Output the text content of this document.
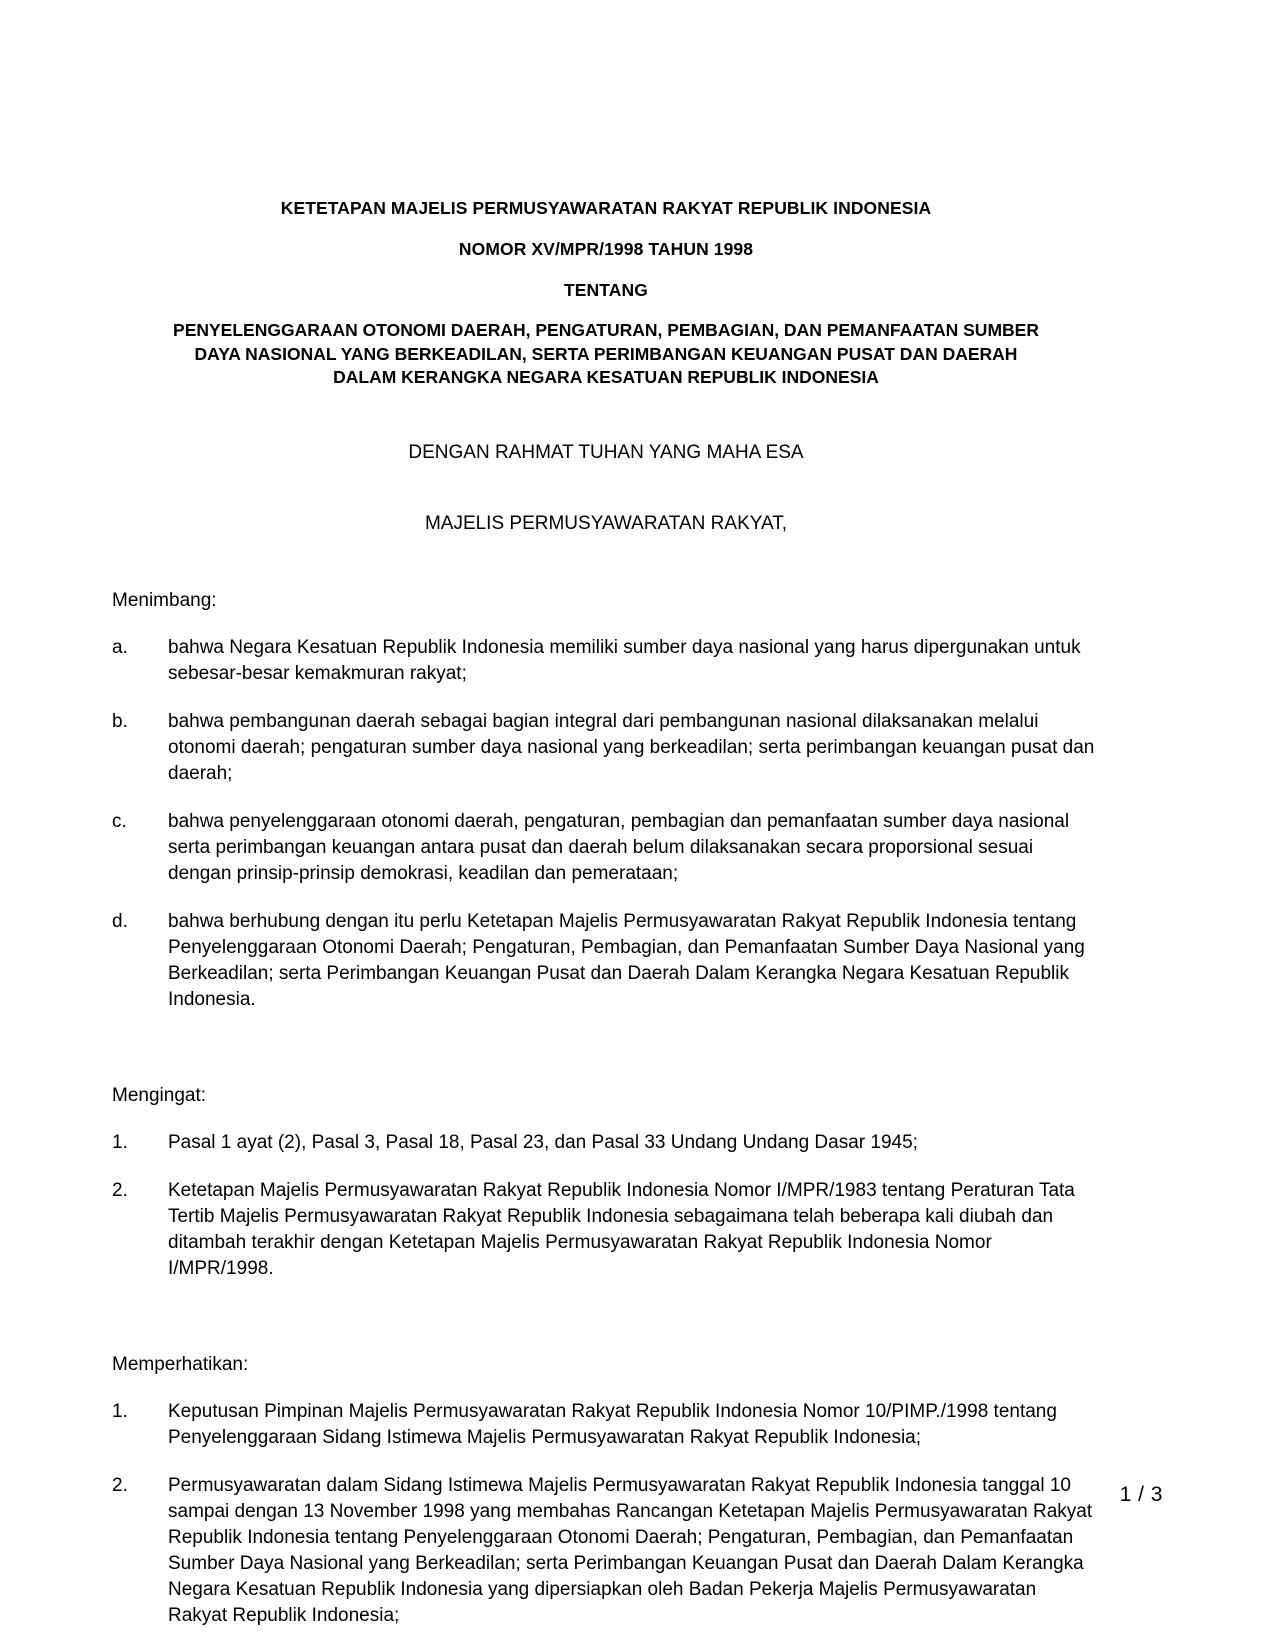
KETETAPAN MAJELIS PERMUSYAWARATAN RAKYAT REPUBLIK INDONESIA

NOMOR XV/MPR/1998 TAHUN 1998

TENTANG

PENYELENGGARAAN OTONOMI DAERAH, PENGATURAN, PEMBAGIAN, DAN PEMANFAATAN SUMBER

DAYA NASIONAL YANG BERKEADILAN, SERTA PERIMBANGAN KEUANGAN PUSAT DAN DAERAH

DALAM KERANGKA NEGARA KESATUAN REPUBLIK INDONESIA

DENGAN RAHMAT TUHAN YANG MAHA ESA

MAJELIS PERMUSYAWARATAN RAKYAT,

Menimbang:

a.	bahwa Negara Kesatuan Republik Indonesia memiliki sumber daya nasional yang harus dipergunakan untuk sebesar-besar kemakmuran rakyat;
b.	bahwa pembangunan daerah sebagai bagian integral dari pembangunan nasional dilaksanakan melalui otonomi daerah; pengaturan sumber daya nasional yang berkeadilan; serta perimbangan keuangan pusat dan daerah;
c.	bahwa penyelenggaraan otonomi daerah, pengaturan, pembagian dan pemanfaatan sumber daya nasional serta perimbangan keuangan antara pusat dan daerah belum dilaksanakan secara proporsional sesuai dengan prinsip-prinsip demokrasi, keadilan dan pemerataan;
d.	bahwa berhubung dengan itu perlu Ketetapan Majelis Permusyawaratan Rakyat Republik Indonesia tentang Penyelenggaraan Otonomi Daerah; Pengaturan, Pembagian, dan Pemanfaatan Sumber Daya Nasional yang Berkeadilan; serta Perimbangan Keuangan Pusat dan Daerah Dalam Kerangka Negara Kesatuan Republik Indonesia.

Mengingat:

1.	Pasal 1 ayat (2), Pasal 3, Pasal 18, Pasal 23, dan Pasal 33 Undang Undang Dasar 1945;
2.	Ketetapan Majelis Permusyawaratan Rakyat Republik Indonesia Nomor I/MPR/1983 tentang Peraturan Tata Tertib Majelis Permusyawaratan Rakyat Republik Indonesia sebagaimana telah beberapa kali diubah dan ditambah terakhir dengan Ketetapan Majelis Permusyawaratan Rakyat Republik Indonesia Nomor I/MPR/1998.

Memperhatikan:

1.	Keputusan Pimpinan Majelis Permusyawaratan Rakyat Republik Indonesia Nomor 10/PIMP./1998 tentang Penyelenggaraan Sidang Istimewa Majelis Permusyawaratan Rakyat Republik Indonesia;
2.	Permusyawaratan dalam Sidang Istimewa Majelis Permusyawaratan Rakyat Republik Indonesia tanggal 10 sampai dengan 13 November 1998 yang membahas Rancangan Ketetapan Majelis Permusyawaratan Rakyat Republik Indonesia tentang Penyelenggaraan Otonomi Daerah; Pengaturan, Pembagian, dan Pemanfaatan Sumber Daya Nasional yang Berkeadilan; serta Perimbangan Keuangan Pusat dan Daerah Dalam Kerangka Negara Kesatuan Republik Indonesia yang dipersiapkan oleh Badan Pekerja Majelis Permusyawaratan Rakyat Republik Indonesia;
1 / 3
